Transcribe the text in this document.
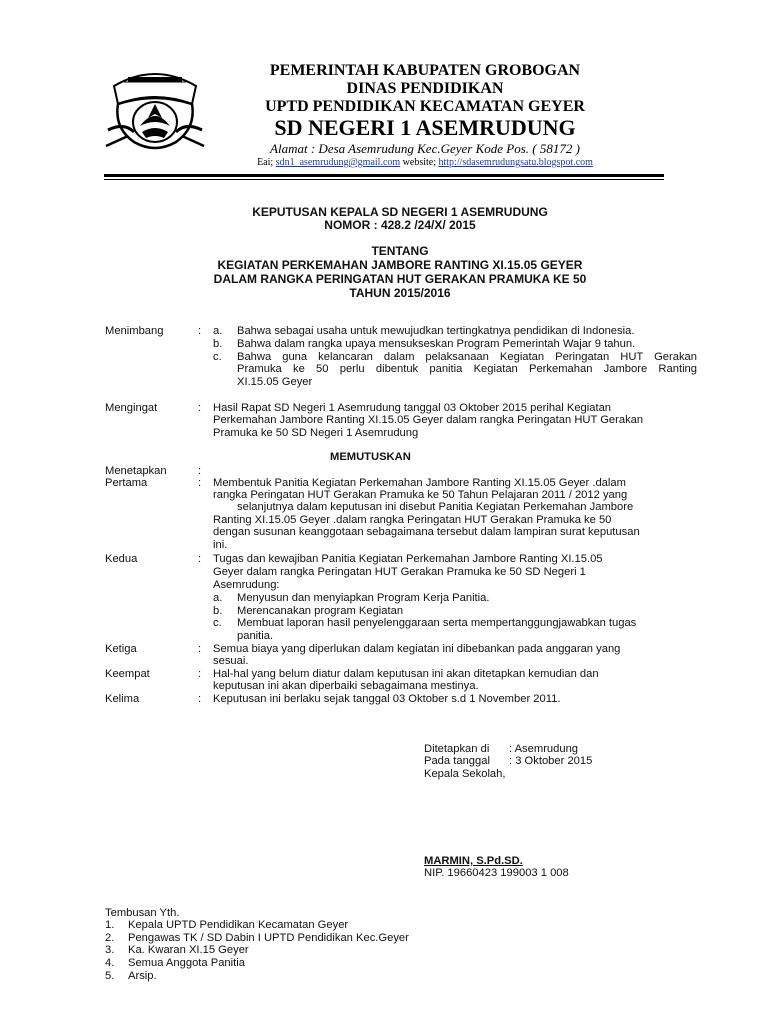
PEMERINTAH KABUPATEN GROBOGAN
DINAS PENDIDIKAN
UPTD PENDIDIKAN KECAMATAN GEYER
SD NEGERI 1 ASEMRUDUNG
Alamat : Desa Asemrudung Kec.Geyer Kode Pos. ( 58172 )
Eai; sdn1_asemrudung@gmail.com website; http://sdasemrudungsatu.blogspot.com
KEPUTUSAN KEPALA SD NEGERI 1 ASEMRUDUNG
NOMOR : 428.2 /24/X/ 2015
TENTANG
KEGIATAN PERKEMAHAN JAMBORE RANTING XI.15.05 GEYER
DALAM RANGKA PERINGATAN HUT GERAKAN PRAMUKA KE 50
TAHUN 2015/2016
Menimbang	: a. Bahwa sebagai usaha untuk mewujudkan tertingkatnya pendidikan di Indonesia.
b. Bahwa dalam rangka upaya mensukseskan Program Pemerintah Wajar 9 tahun.
c. Bahwa guna kelancaran dalam pelaksanaan Kegiatan Peringatan HUT Gerakan
Pramuka ke 50 perlu dibentuk panitia Kegiatan Perkemahan Jambore Ranting
XI.15.05 Geyer
Mengingat	: Hasil Rapat SD Negeri 1 Asemrudung tanggal 03 Oktober 2015 perihal Kegiatan
Perkemahan Jambore Ranting XI.15.05 Geyer dalam rangka Peringatan HUT Gerakan
Pramuka ke 50 SD Negeri 1 Asemrudung
MEMUTUSKAN
Menetapkan	:
Pertama	: Membentuk Panitia Kegiatan Perkemahan Jambore Ranting XI.15.05 Geyer .dalam
rangka Peringatan HUT Gerakan Pramuka ke 50 Tahun Pelajaran 2011 / 2012 yang
selanjutnya dalam keputusan ini disebut Panitia Kegiatan Perkemahan Jambore
Ranting XI.15.05 Geyer .dalam rangka Peringatan HUT Gerakan Pramuka ke 50
dengan susunan keanggotaan sebagaimana tersebut dalam lampiran surat keputusan
ini.
Kedua	: Tugas dan kewajiban Panitia Kegiatan Perkemahan Jambore Ranting XI.15.05
Geyer dalam rangka Peringatan HUT Gerakan Pramuka ke 50 SD Negeri 1
Asemrudung:
a. Menyusun dan menyiapkan Program Kerja Panitia.
b. Merencanakan program Kegiatan
c. Membuat laporan hasil penyelenggaraan serta mempertanggungjawabkan tugas
panitia.
Ketiga	: Semua biaya yang diperlukan dalam kegiatan ini dibebankan pada anggaran yang
sesuai.
Keempat	: Hal-hal yang belum diatur dalam keputusan ini akan ditetapkan kemudian dan
keputusan ini akan diperbaiki sebagaimana mestinya.
Kelima	: Keputusan ini berlaku sejak tanggal 03 Oktober s.d 1 November 2011.
Ditetapkan di : Asemrudung
Pada tanggal : 3 Oktober 2015
Kepala Sekolah,
MARMIN, S.Pd.SD.
NIP. 19660423 199003 1 008
Tembusan Yth.
1. Kepala UPTD Pendidikan Kecamatan Geyer
2. Pengawas TK / SD Dabin I UPTD Pendidikan Kec.Geyer
3. Ka. Kwaran XI.15 Geyer
4. Semua Anggota Panitia
5. Arsip.
